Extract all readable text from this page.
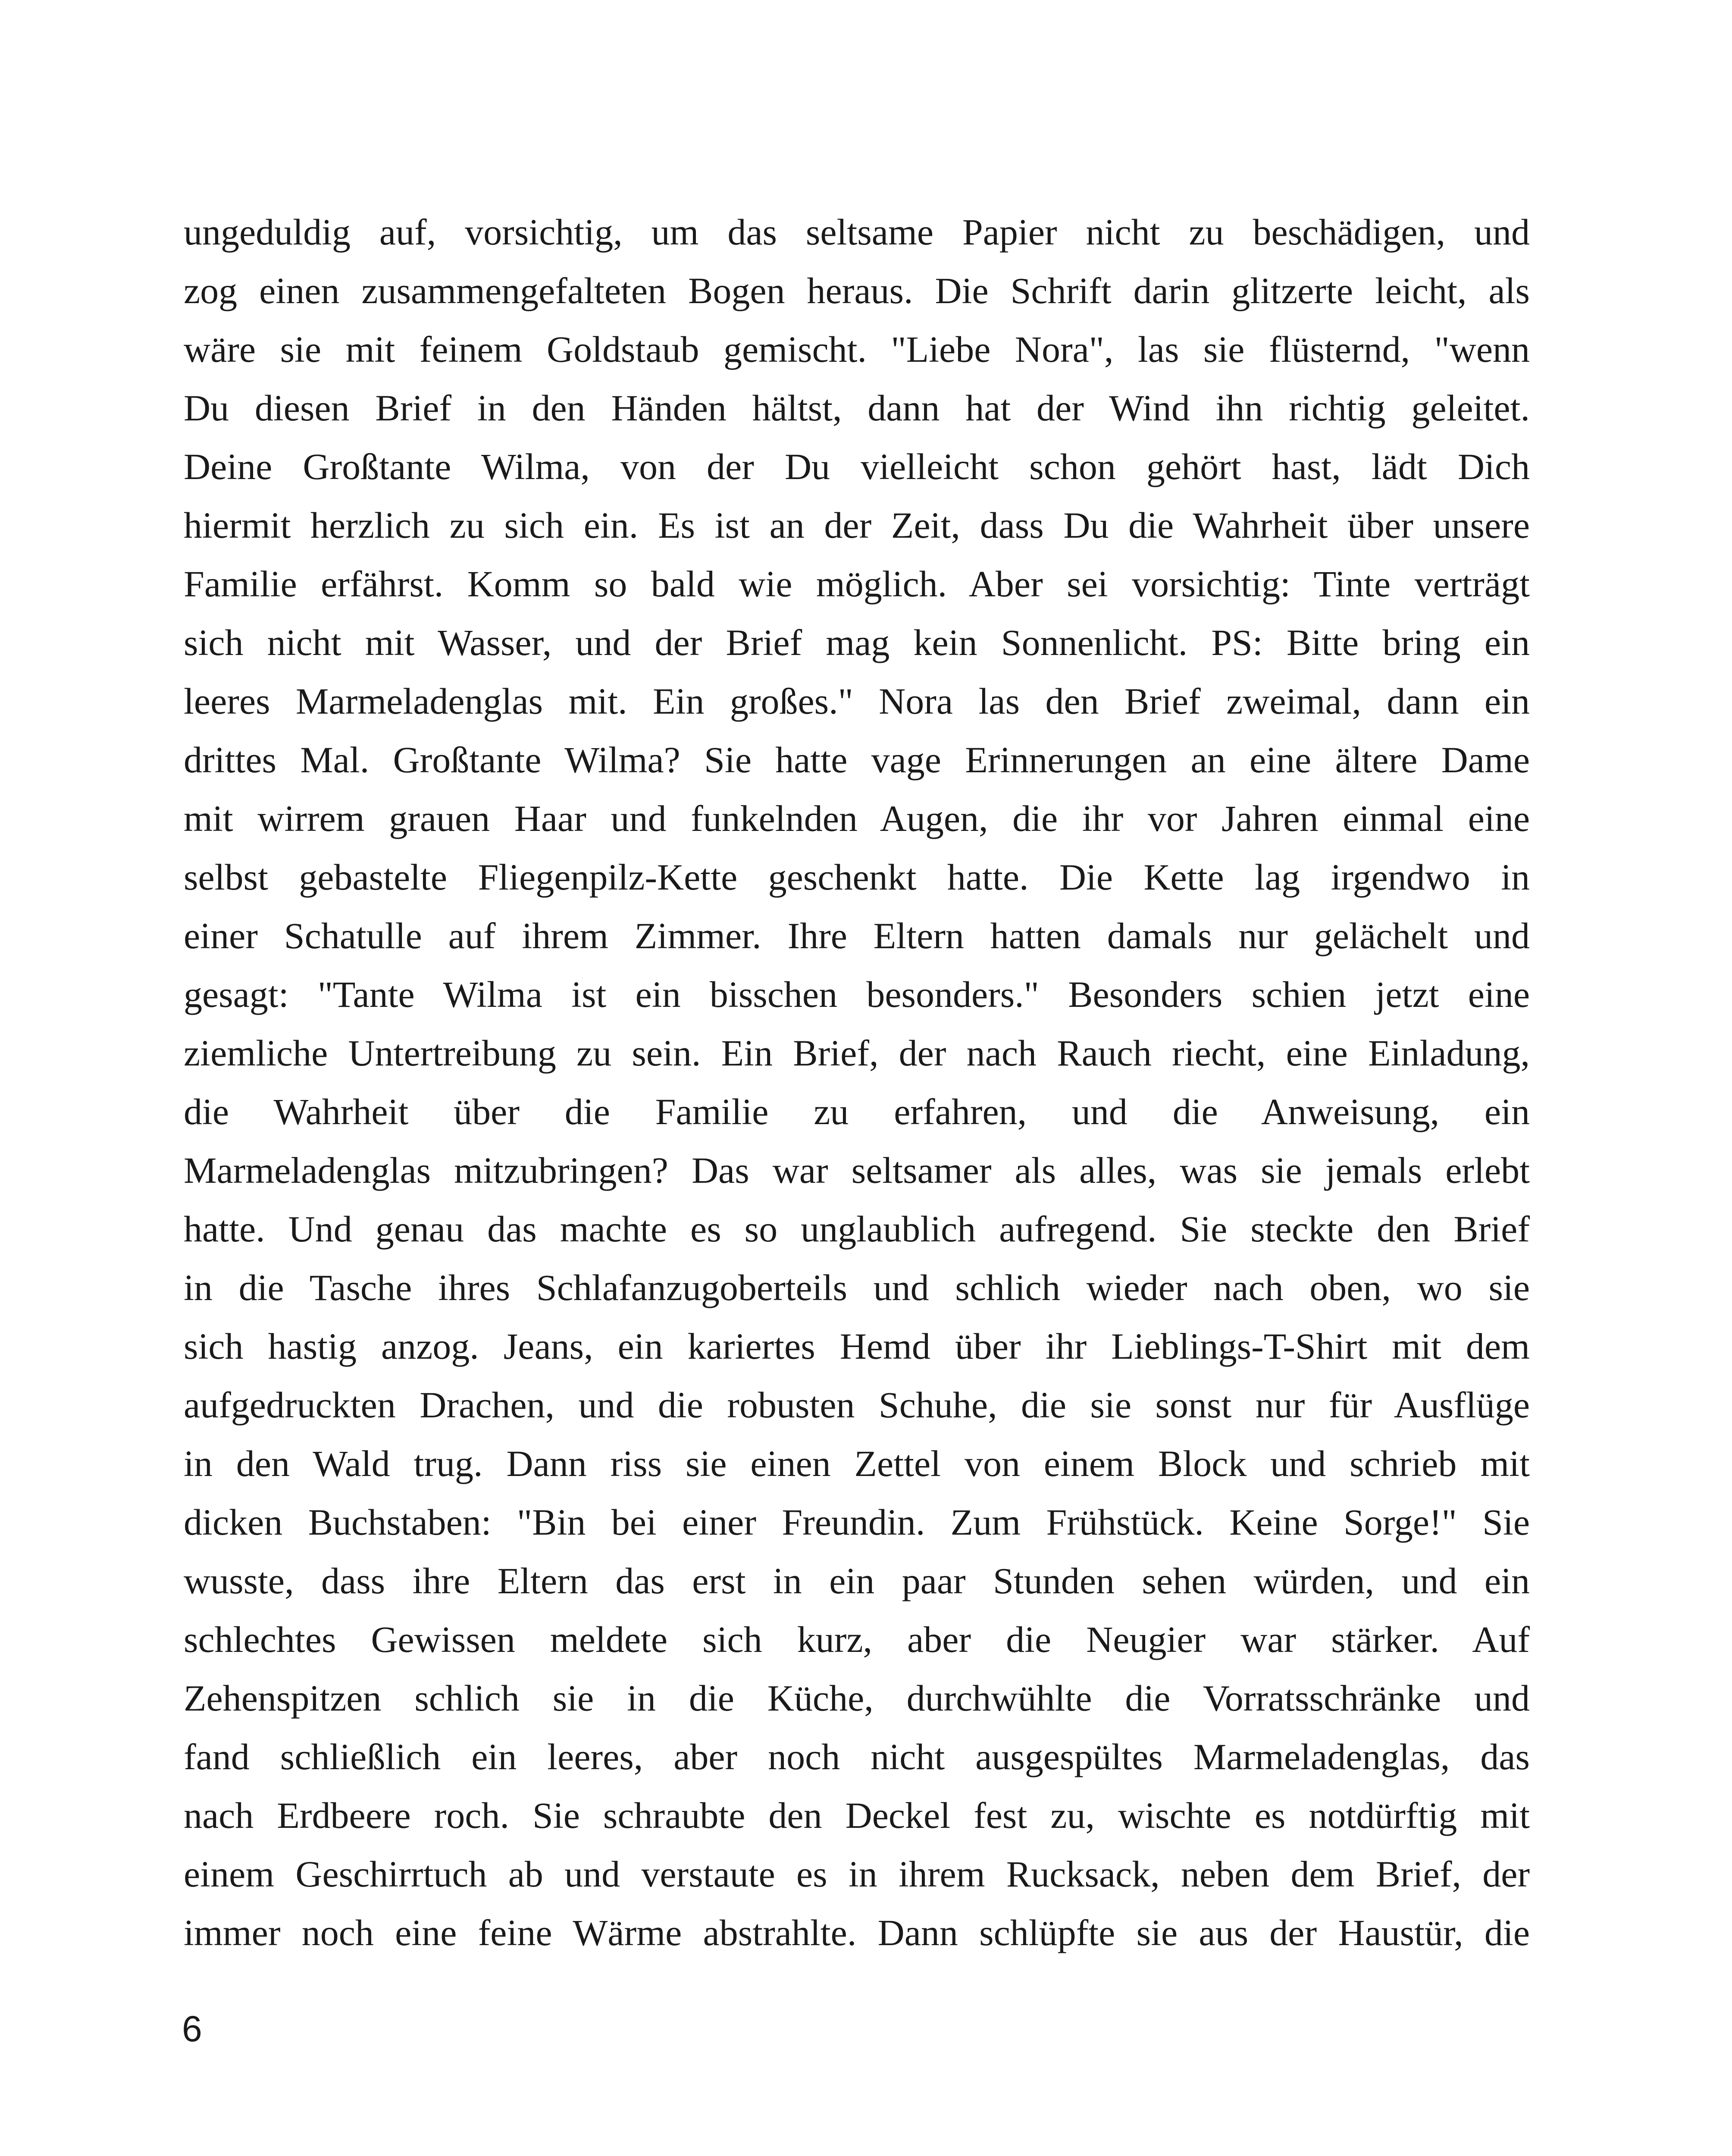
ungeduldig auf, vorsichtig, um das seltsame Papier nicht zu beschädigen, und
zog einen zusammengefalteten Bogen heraus. Die Schrift darin glitzerte leicht, als
wäre sie mit feinem Goldstaub gemischt. "Liebe Nora", las sie flüsternd, "wenn
Du diesen Brief in den Händen hältst, dann hat der Wind ihn richtig geleitet.
Deine Großtante Wilma, von der Du vielleicht schon gehört hast, lädt Dich
hiermit herzlich zu sich ein. Es ist an der Zeit, dass Du die Wahrheit über unsere
Familie erfährst. Komm so bald wie möglich. Aber sei vorsichtig: Tinte verträgt
sich nicht mit Wasser, und der Brief mag kein Sonnenlicht. PS: Bitte bring ein
leeres Marmeladenglas mit. Ein großes." Nora las den Brief zweimal, dann ein
drittes Mal. Großtante Wilma? Sie hatte vage Erinnerungen an eine ältere Dame
mit wirrem grauen Haar und funkelnden Augen, die ihr vor Jahren einmal eine
selbst gebastelte Fliegenpilz-Kette geschenkt hatte. Die Kette lag irgendwo in
einer Schatulle auf ihrem Zimmer. Ihre Eltern hatten damals nur gelächelt und
gesagt: "Tante Wilma ist ein bisschen besonders." Besonders schien jetzt eine
ziemliche Untertreibung zu sein. Ein Brief, der nach Rauch riecht, eine Einladung,
die Wahrheit über die Familie zu erfahren, und die Anweisung, ein
Marmeladenglas mitzubringen? Das war seltsamer als alles, was sie jemals erlebt
hatte. Und genau das machte es so unglaublich aufregend. Sie steckte den Brief
in die Tasche ihres Schlafanzugoberteils und schlich wieder nach oben, wo sie
sich hastig anzog. Jeans, ein kariertes Hemd über ihr Lieblings-T-Shirt mit dem
aufgedruckten Drachen, und die robusten Schuhe, die sie sonst nur für Ausflüge
in den Wald trug. Dann riss sie einen Zettel von einem Block und schrieb mit
dicken Buchstaben: "Bin bei einer Freundin. Zum Frühstück. Keine Sorge!" Sie
wusste, dass ihre Eltern das erst in ein paar Stunden sehen würden, und ein
schlechtes Gewissen meldete sich kurz, aber die Neugier war stärker. Auf
Zehenspitzen schlich sie in die Küche, durchwühlte die Vorratsschränke und
fand schließlich ein leeres, aber noch nicht ausgespültes Marmeladenglas, das
nach Erdbeere roch. Sie schraubte den Deckel fest zu, wischte es notdürftig mit
einem Geschirrtuch ab und verstaute es in ihrem Rucksack, neben dem Brief, der
immer noch eine feine Wärme abstrahlte. Dann schlüpfte sie aus der Haustür, die
6
